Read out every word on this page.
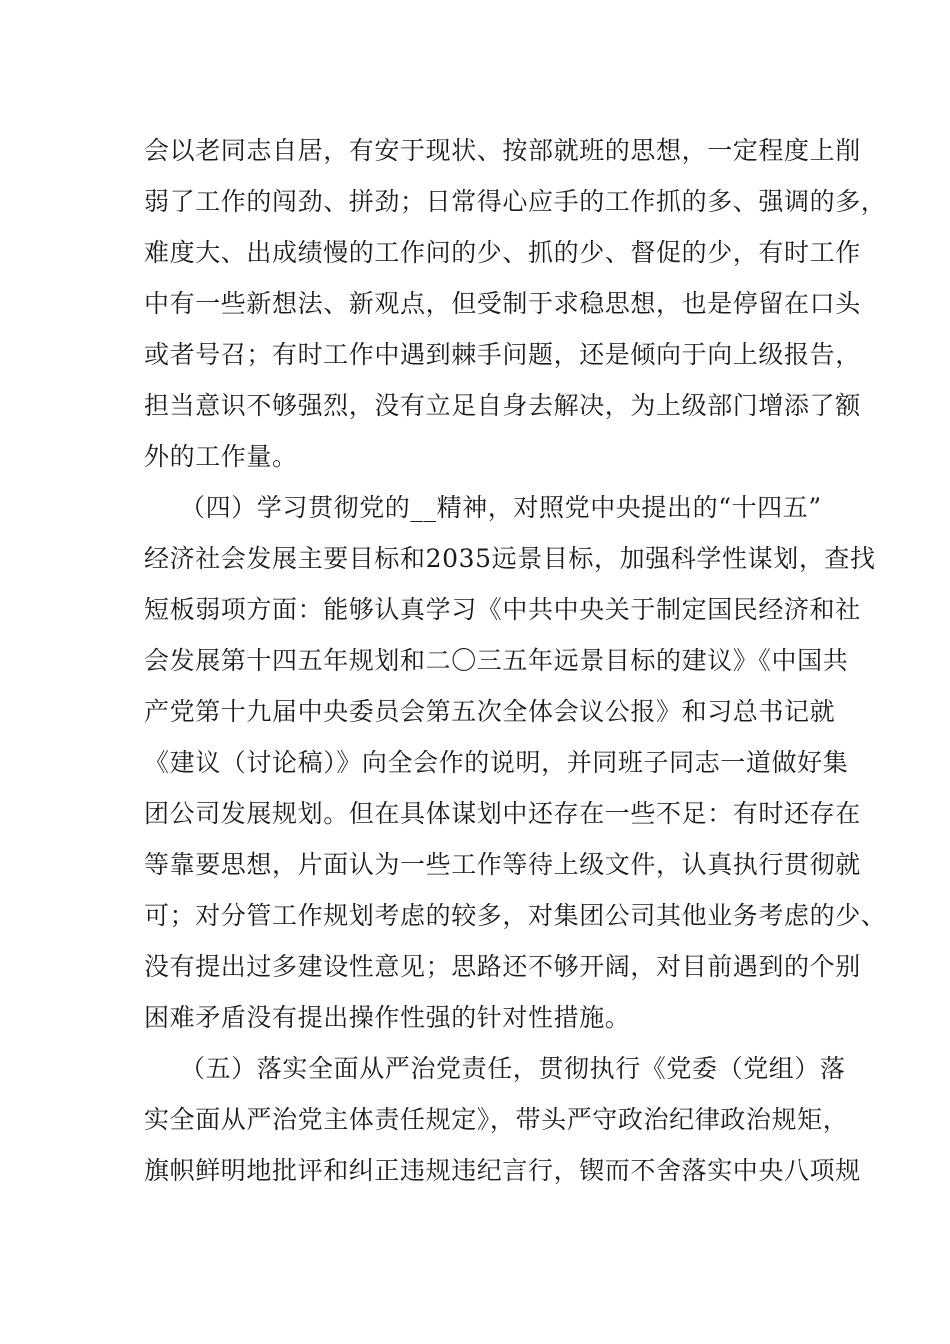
会以老同志自居，有安于现状、按部就班的思想，一定程度上削
弱了工作的闯劲、拼劲；日常得心应手的工作抓的多、强调的多，
难度大、出成绩慢的工作问的少、抓的少、督促的少，有时工作
中有一些新想法、新观点，但受制于求稳思想，也是停留在口头
或者号召；有时工作中遇到棘手问题，还是倾向于向上级报告，
担当意识不够强烈，没有立足自身去解决，为上级部门增添了额
外的工作量。
（四）学习贯彻党的__精神，对照党中央提出的“十四五”
经济社会发展主要目标和2035远景目标，加强科学性谋划，查找
短板弱项方面：能够认真学习《中共中央关于制定国民经济和社
会发展第十四五年规划和二〇三五年远景目标的建议》《中国共
产党第十九届中央委员会第五次全体会议公报》和习总书记就
《建议（讨论稿）》向全会作的说明，并同班子同志一道做好集
团公司发展规划。但在具体谋划中还存在一些不足：有时还存在
等靠要思想，片面认为一些工作等待上级文件，认真执行贯彻就
可；对分管工作规划考虑的较多，对集团公司其他业务考虑的少、
没有提出过多建设性意见；思路还不够开阔，对目前遇到的个别
困难矛盾没有提出操作性强的针对性措施。
（五）落实全面从严治党责任，贯彻执行《党委（党组）落
实全面从严治党主体责任规定》，带头严守政治纪律政治规矩，
旗帜鲜明地批评和纠正违规违纪言行，锲而不舍落实中央八项规
